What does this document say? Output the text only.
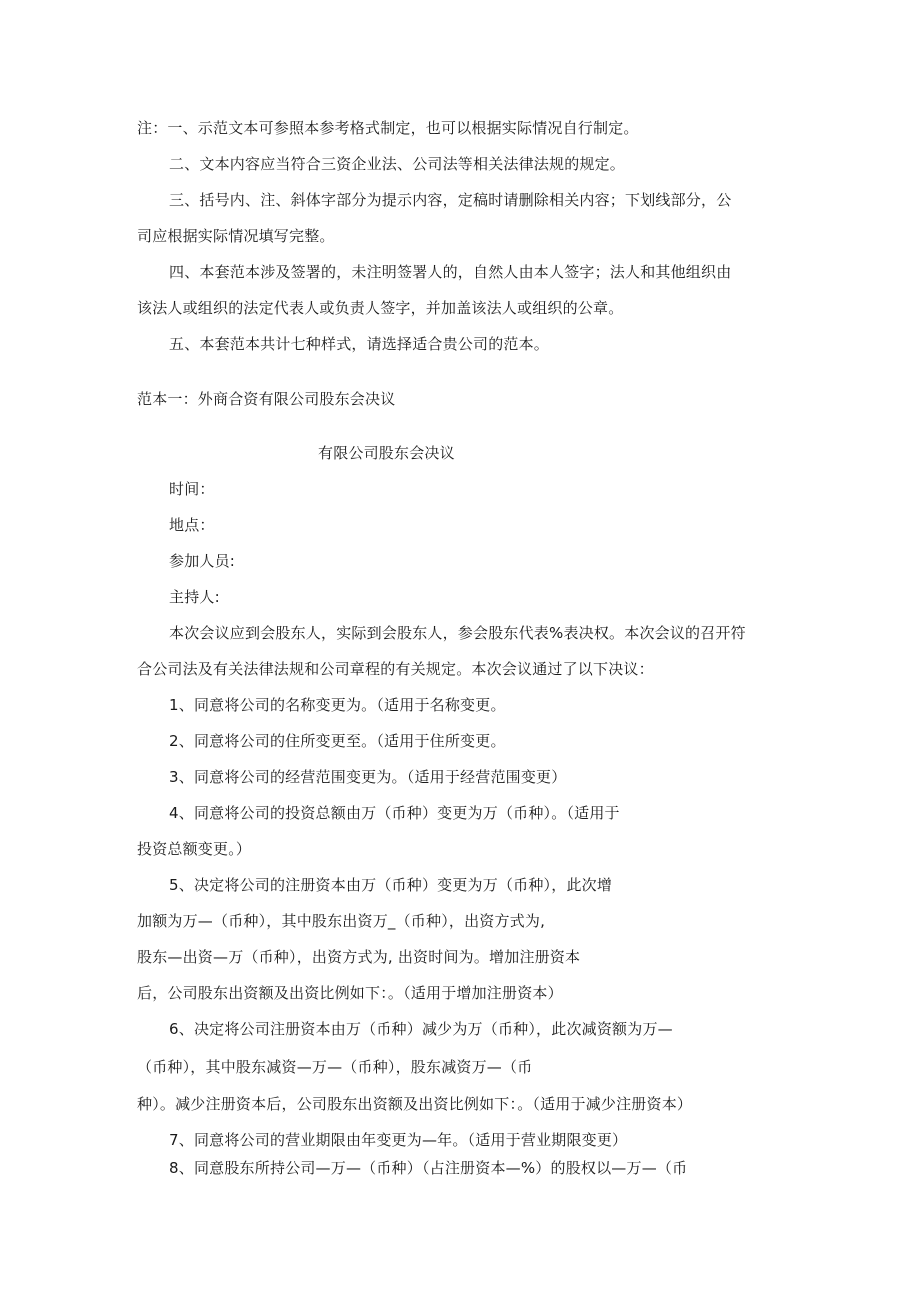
注：一、示范文本可参照本参考格式制定，也可以根据实际情况自行制定。
二、文本内容应当符合三资企业法、公司法等相关法律法规的规定。
三、括号内、注、斜体字部分为提示内容，定稿时请删除相关内容；下划线部分，公
司应根据实际情况填写完整。
四、本套范本涉及签署的，未注明签署人的，自然人由本人签字；法人和其他组织由
该法人或组织的法定代表人或负责人签字，并加盖该法人或组织的公章。
五、本套范本共计七种样式，请选择适合贵公司的范本。
范本一：外商合资有限公司股东会决议
有限公司股东会决议
时间：
地点：
参加人员:
主持人:
本次会议应到会股东人，实际到会股东人，参会股东代表%表决权。本次会议的召开符
合公司法及有关法律法规和公司章程的有关规定。本次会议通过了以下决议：
1、同意将公司的名称变更为。（适用于名称变更。
2、同意将公司的住所变更至。（适用于住所变更。
3、同意将公司的经营范围变更为。（适用于经营范围变更）
4、同意将公司的投资总额由万（币种）变更为万（币种）。（适用于
投资总额变更。）
5、决定将公司的注册资本由万（币种）变更为万（币种），此次增
加额为万—（币种），其中股东出资万_（币种），出资方式为,
股东—出资—万（币种），出资方式为, 出资时间为。增加注册资本
后，公司股东出资额及出资比例如下：。（适用于增加注册资本）
6、决定将公司注册资本由万（币种）减少为万（币种），此次减资额为万—
（币种），其中股东减资—万—（币种），股东减资万—（币
种）。减少注册资本后，公司股东出资额及出资比例如下：。（适用于减少注册资本）
7、同意将公司的营业期限由年变更为—年。（适用于营业期限变更）
8、同意股东所持公司—万—（币种）（占注册资本—%）的股权以—万—（币
